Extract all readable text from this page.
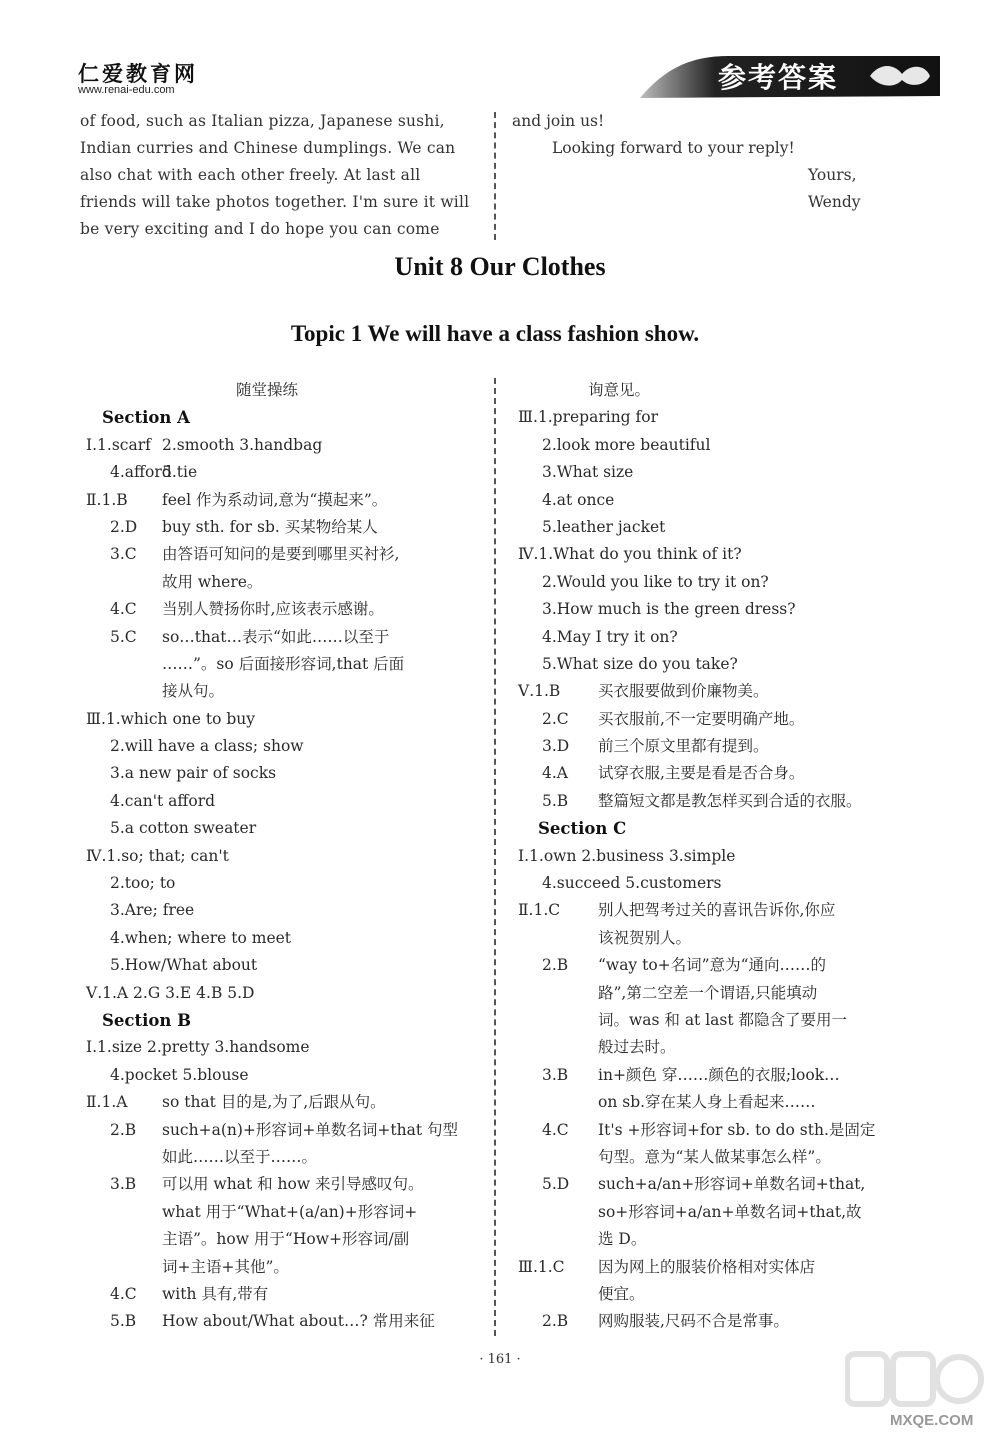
仁爱教育网
www.renai-edu.com	参考答案
of food, such as Italian pizza, Japanese sushi,
Indian curries and Chinese dumplings. We can
also chat with each other freely. At last all
friends will take photos together. I'm sure it will
be very exciting and I do hope you can come
and join us!
Looking forward to your reply!
Yours,
Wendy
Unit 8 Our Clothes
Topic 1 We will have a class fashion show.
随堂操练
Section A
Ⅰ.1.scarf 2.smooth 3.handbag
4.afford
5.tie
Ⅱ.1.B feel 作为系动词,意为“摸起来”。
2.D buy sth. for sb. 买某物给某人
3.C 由答语可知问的是要到哪里买衬衫,
故用 where。
4.C 当别人赞扬你时,应该表示感谢。
5.C so…that…表示“如此……以至于
……”。so 后面接形容词,that 后面
接从句。
Ⅲ.1.which one to buy
2.will have a class; show
3.a new pair of socks
4.can't afford
5.a cotton sweater
Ⅳ.1.so; that; can't
2.too; to
3.Are; free
4.when; where to meet
5.How/What about
Ⅴ.1.A 2.G 3.E 4.B 5.D
Section B
Ⅰ.1.size 2.pretty 3.handsome
4.pocket 5.blouse
Ⅱ.1.A so that 目的是,为了,后跟从句。
2.B such+a(n)+形容词+单数名词+that 句型
如此……以至于……。
3.B 可以用 what 和 how 来引导感叹句。
what 用于“What+(a/an)+形容词+
主语”。how 用于“How+形容词/副
词+主语+其他”。
4.C with 具有,带有
5.B How about/What about…? 常用来征
询意见。
Ⅲ.1.preparing for
2.look more beautiful
3.What size
4.at once
5.leather jacket
Ⅳ.1.What do you think of it?
2.Would you like to try it on?
3.How much is the green dress?
4.May I try it on?
5.What size do you take?
Ⅴ.1.B 买衣服要做到价廉物美。
2.C 买衣服前,不一定要明确产地。
3.D 前三个原文里都有提到。
4.A 试穿衣服,主要是看是否合身。
5.B 整篇短文都是教怎样买到合适的衣服。
Section C
Ⅰ.1.own 2.business 3.simple
4.succeed 5.customers
Ⅱ.1.C 别人把驾考过关的喜讯告诉你,你应
该祝贺别人。
2.B “way to+名词”意为“通向……的
路”,第二空差一个谓语,只能填动
词。was 和 at last 都隐含了要用一
般过去时。
3.B in+颜色 穿……颜色的衣服;look…
on sb.穿在某人身上看起来……
4.C It's +形容词+for sb. to do sth.是固定
句型。意为“某人做某事怎么样”。
5.D such+a/an+形容词+单数名词+that,
so+形容词+a/an+单数名词+that,故
选 D。
Ⅲ.1.C 因为网上的服装价格相对实体店
便宜。
2.B 网购服装,尺码不合是常事。
· 161 ·
MXQE.COM
